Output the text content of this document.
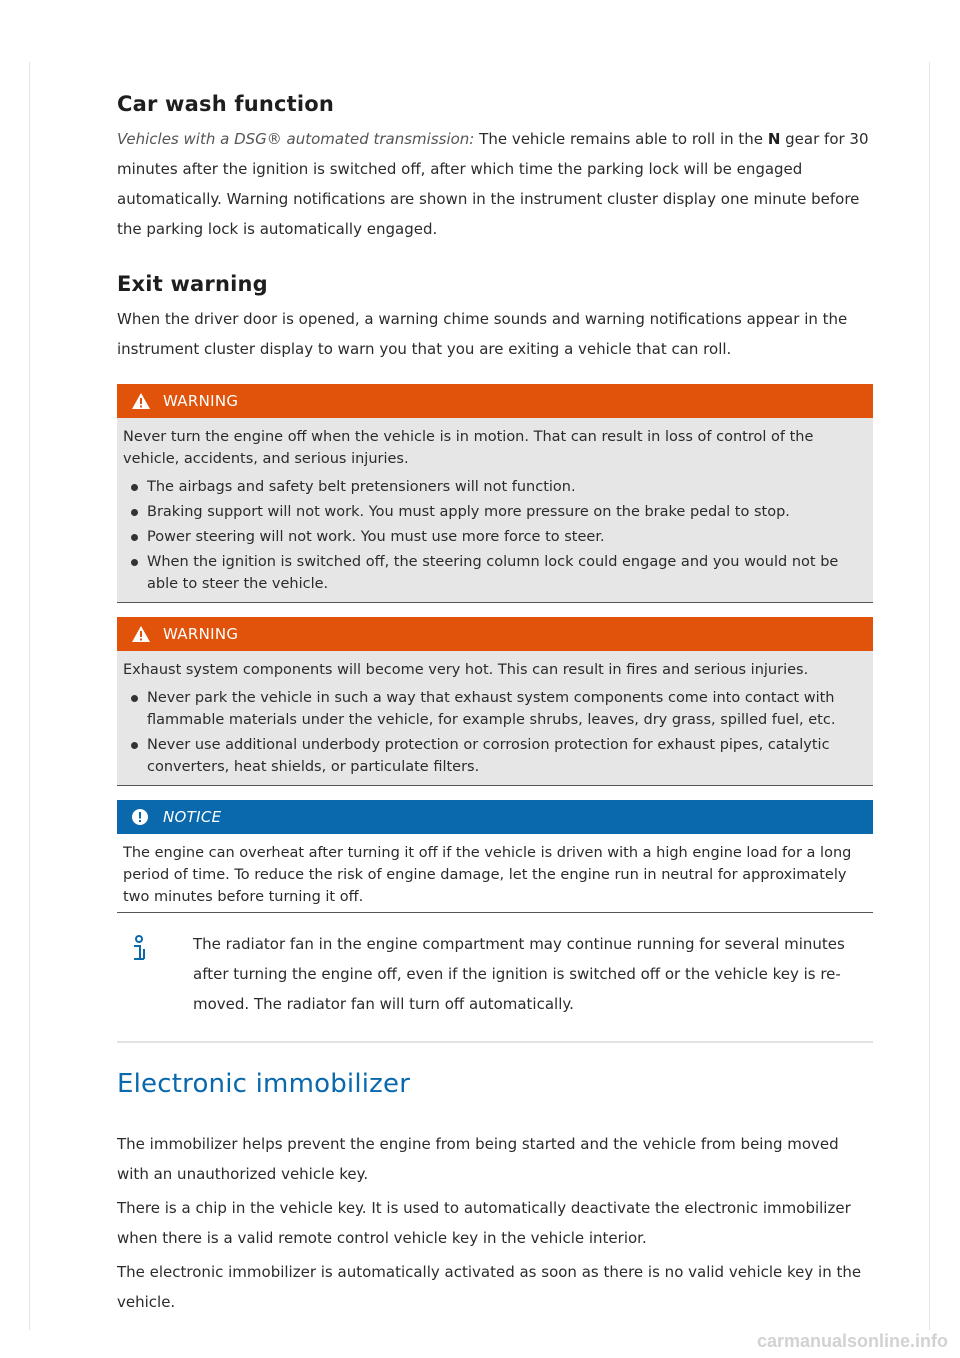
Car wash function

Vehicles with a DSG® automated transmission: The vehicle remains able to roll in the N gear for 30 minutes after the ignition is switched off, after which time the parking lock will be engaged automatically. Warning notifications are shown in the instrument cluster display one minute before the parking lock is automatically engaged.

Exit warning

When the driver door is opened, a warning chime sounds and warning notifications appear in the instrument cluster display to warn you that you are exiting a vehicle that can roll.

WARNING
Never turn the engine off when the vehicle is in motion. That can result in loss of control of the vehicle, accidents, and serious injuries.
The airbags and safety belt pretensioners will not function.
Braking support will not work. You must apply more pressure on the brake pedal to stop.
Power steering will not work. You must use more force to steer.
When the ignition is switched off, the steering column lock could engage and you would not be able to steer the vehicle.
WARNING
Exhaust system components will become very hot. This can result in fires and serious injuries.
Never park the vehicle in such a way that exhaust system components come into contact with flammable materials under the vehicle, for example shrubs, leaves, dry grass, spilled fuel, etc.
Never use additional underbody protection or corrosion protection for exhaust pipes, catalytic converters, heat shields, or particulate filters.
NOTICE
The engine can overheat after turning it off if the vehicle is driven with a high engine load for a long period of time. To reduce the risk of engine damage, let the engine run in neutral for approximately two minutes before turning it off.

The radiator fan in the engine compartment may continue running for several minutes after turning the engine off, even if the ignition is switched off or the vehicle key is removed. The radiator fan will turn off automatically.

Electronic immobilizer

The immobilizer helps prevent the engine from being started and the vehicle from being moved with an unauthorized vehicle key.

There is a chip in the vehicle key. It is used to automatically deactivate the electronic immobilizer when there is a valid remote control vehicle key in the vehicle interior.

The electronic immobilizer is automatically activated as soon as there is no valid vehicle key in the vehicle.

carmanualsonline.info
